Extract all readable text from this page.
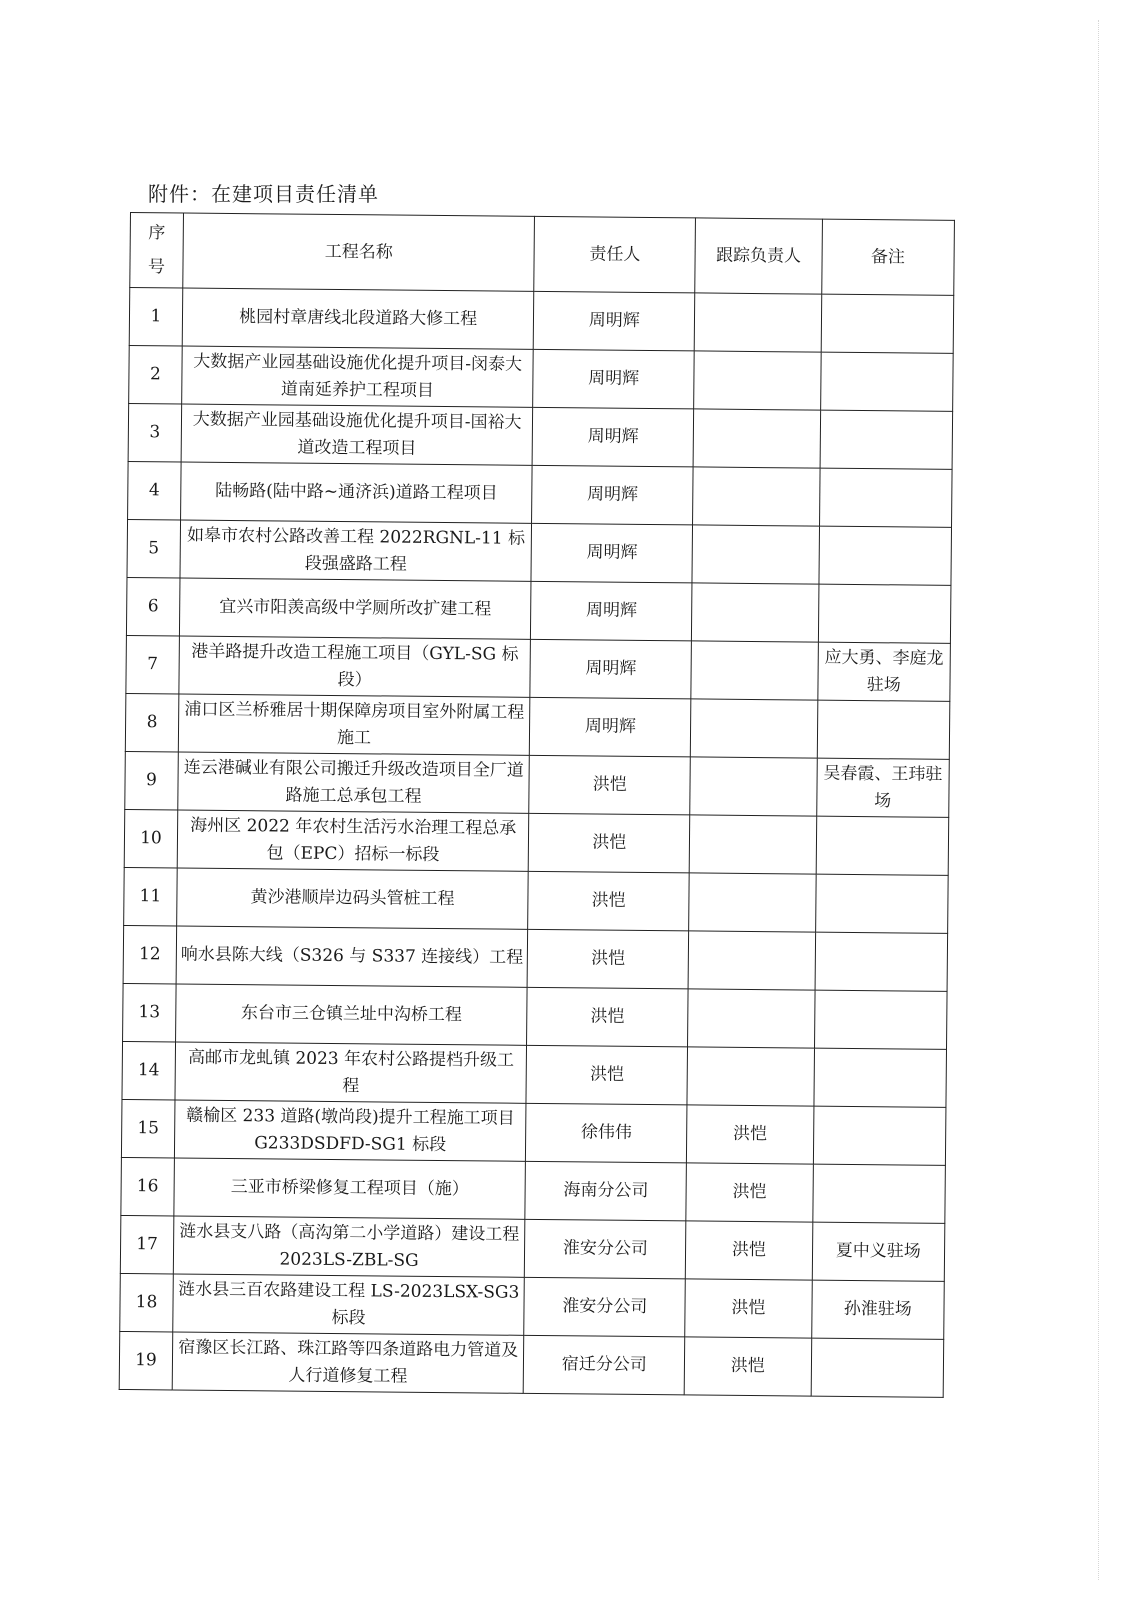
附件：在建项目责任清单
序
号	工程名称	责任人	跟踪负责人	备注
1	桃园村章唐线北段道路大修工程	周明辉		
2	大数据产业园基础设施优化提升项目-闵泰大道南延养护工程项目	周明辉		
3	大数据产业园基础设施优化提升项目-国裕大道改造工程项目	周明辉		
4	陆畅路(陆中路~通济浜)道路工程项目	周明辉		
5	如皋市农村公路改善工程 2022RGNL-11 标段强盛路工程	周明辉		
6	宜兴市阳羡高级中学厕所改扩建工程	周明辉		
7	港羊路提升改造工程施工项目（GYL-SG 标段）	周明辉		应大勇、李庭龙驻场
8	浦口区兰桥雅居十期保障房项目室外附属工程施工	周明辉		
9	连云港碱业有限公司搬迁升级改造项目全厂道路施工总承包工程	洪恺		吴春霞、王玮驻场
10	海州区 2022 年农村生活污水治理工程总承包（EPC）招标一标段	洪恺		
11	黄沙港顺岸边码头管桩工程	洪恺		
12	响水县陈大线（S326 与 S337 连接线）工程	洪恺		
13	东台市三仓镇兰址中沟桥工程	洪恺		
14	高邮市龙虬镇 2023 年农村公路提档升级工程	洪恺		
15	赣榆区 233 道路(墩尚段)提升工程施工项目 G233DSDFD-SG1 标段	徐伟伟	洪恺	
16	三亚市桥梁修复工程项目（施）	海南分公司	洪恺	
17	涟水县支八路（高沟第二小学道路）建设工程 2023LS-ZBL-SG	淮安分公司	洪恺	夏中义驻场
18	涟水县三百农路建设工程 LS-2023LSX-SG3 标段	淮安分公司	洪恺	孙淮驻场
19	宿豫区长江路、珠江路等四条道路电力管道及人行道修复工程	宿迁分公司	洪恺	
